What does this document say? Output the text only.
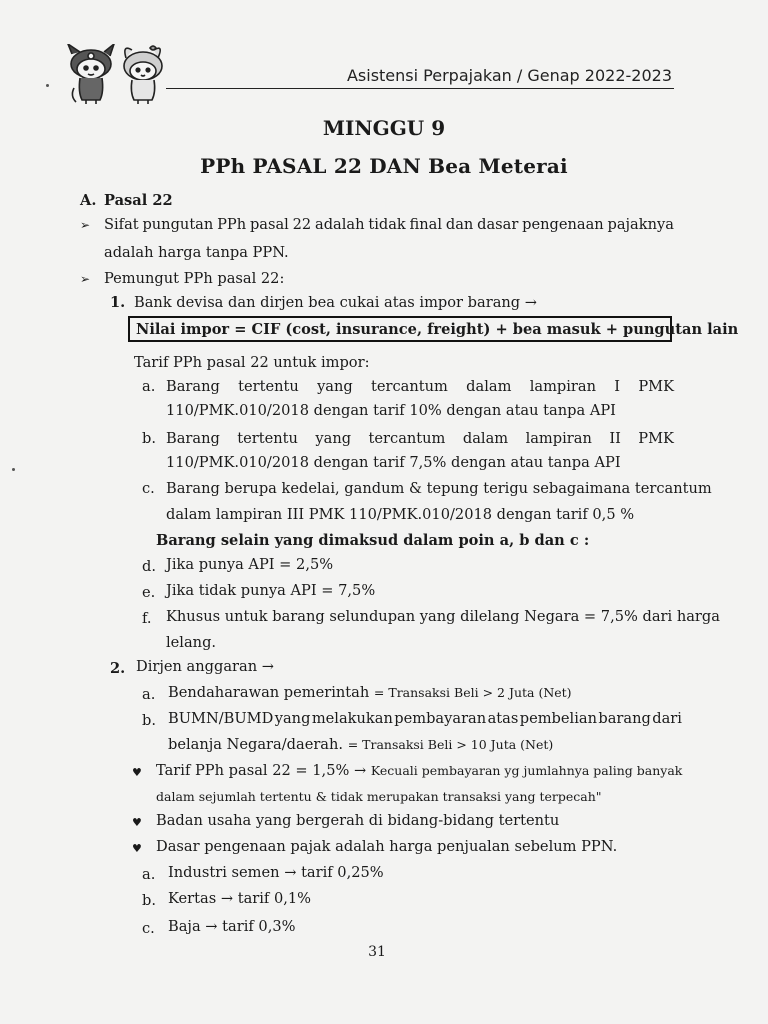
Asistensi Perpajakan / Genap 2022-2023
MINGGU 9
PPh PASAL 22 DAN Bea Meterai
A. Pasal 22
➢ Sifat pungutan PPh pasal 22 adalah tidak final dan dasar pengenaan pajaknya
adalah harga tanpa PPN.
➢ Pemungut PPh pasal 22:
1. Bank devisa dan dirjen bea cukai atas impor barang →
Nilai impor = CIF (cost, insurance, freight) + bea masuk + pungutan lain
Tarif PPh pasal 22 untuk impor:
a. Barang tertentu yang tercantum dalam lampiran I PMK
110/PMK.010/2018 dengan tarif 10% dengan atau tanpa API
b. Barang tertentu yang tercantum dalam lampiran II PMK
110/PMK.010/2018 dengan tarif 7,5% dengan atau tanpa API
c. Barang berupa kedelai, gandum & tepung terigu sebagaimana tercantum
dalam lampiran III PMK 110/PMK.010/2018 dengan tarif 0,5 %
Barang selain yang dimaksud dalam poin a, b dan c :
d. Jika punya API = 2,5%
e. Jika tidak punya API = 7,5%
f. Khusus untuk barang selundupan yang dilelang Negara = 7,5% dari harga
lelang.
2. Dirjen anggaran →
a. Bendaharawan pemerintah = Transaksi Beli > 2 Juta (Net)
b. BUMN/BUMD yang melakukan pembayaran atas pembelian barang dari
belanja Negara/daerah. = Transaksi Beli > 10 Juta (Net)
♥ Tarif PPh pasal 22 = 1,5% → Kecuali pembayaran yg jumlahnya paling banyak
dalam sejumlah tertentu & tidak merupakan transaksi yang terpecah"
♥ Badan usaha yang bergerah di bidang-bidang tertentu
♥ Dasar pengenaan pajak adalah harga penjualan sebelum PPN.
a. Industri semen → tarif 0,25%
b. Kertas → tarif 0,1%
c. Baja → tarif 0,3%
31
